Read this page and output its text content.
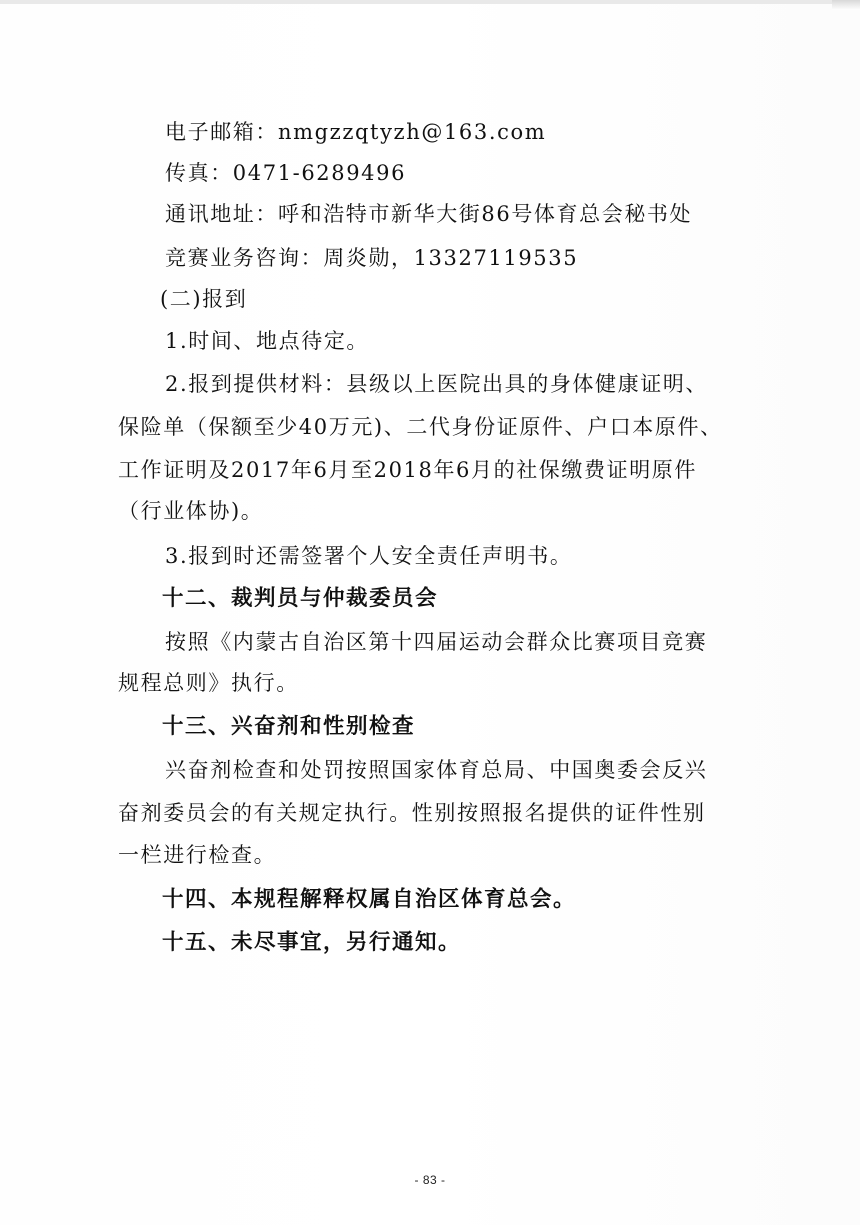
电子邮箱：nmgzzqtyzh@163.com
传真：0471-6289496
通讯地址：呼和浩特市新华大街86号体育总会秘书处
竞赛业务咨询：周炎勋，13327119535
(二)报到
1.时间、地点待定。
2.报到提供材料：县级以上医院出具的身体健康证明、
保险单（保额至少40万元)、二代身份证原件、户口本原件、
工作证明及2017年6月至2018年6月的社保缴费证明原件
（行业体协)。
3.报到时还需签署个人安全责任声明书。
十二、裁判员与仲裁委员会
按照《内蒙古自治区第十四届运动会群众比赛项目竞赛
规程总则》执行。
十三、兴奋剂和性别检查
兴奋剂检查和处罚按照国家体育总局、中国奥委会反兴
奋剂委员会的有关规定执行。性别按照报名提供的证件性别
一栏进行检查。
十四、本规程解释权属自治区体育总会。
十五、未尽事宜，另行通知。
- 83 -
